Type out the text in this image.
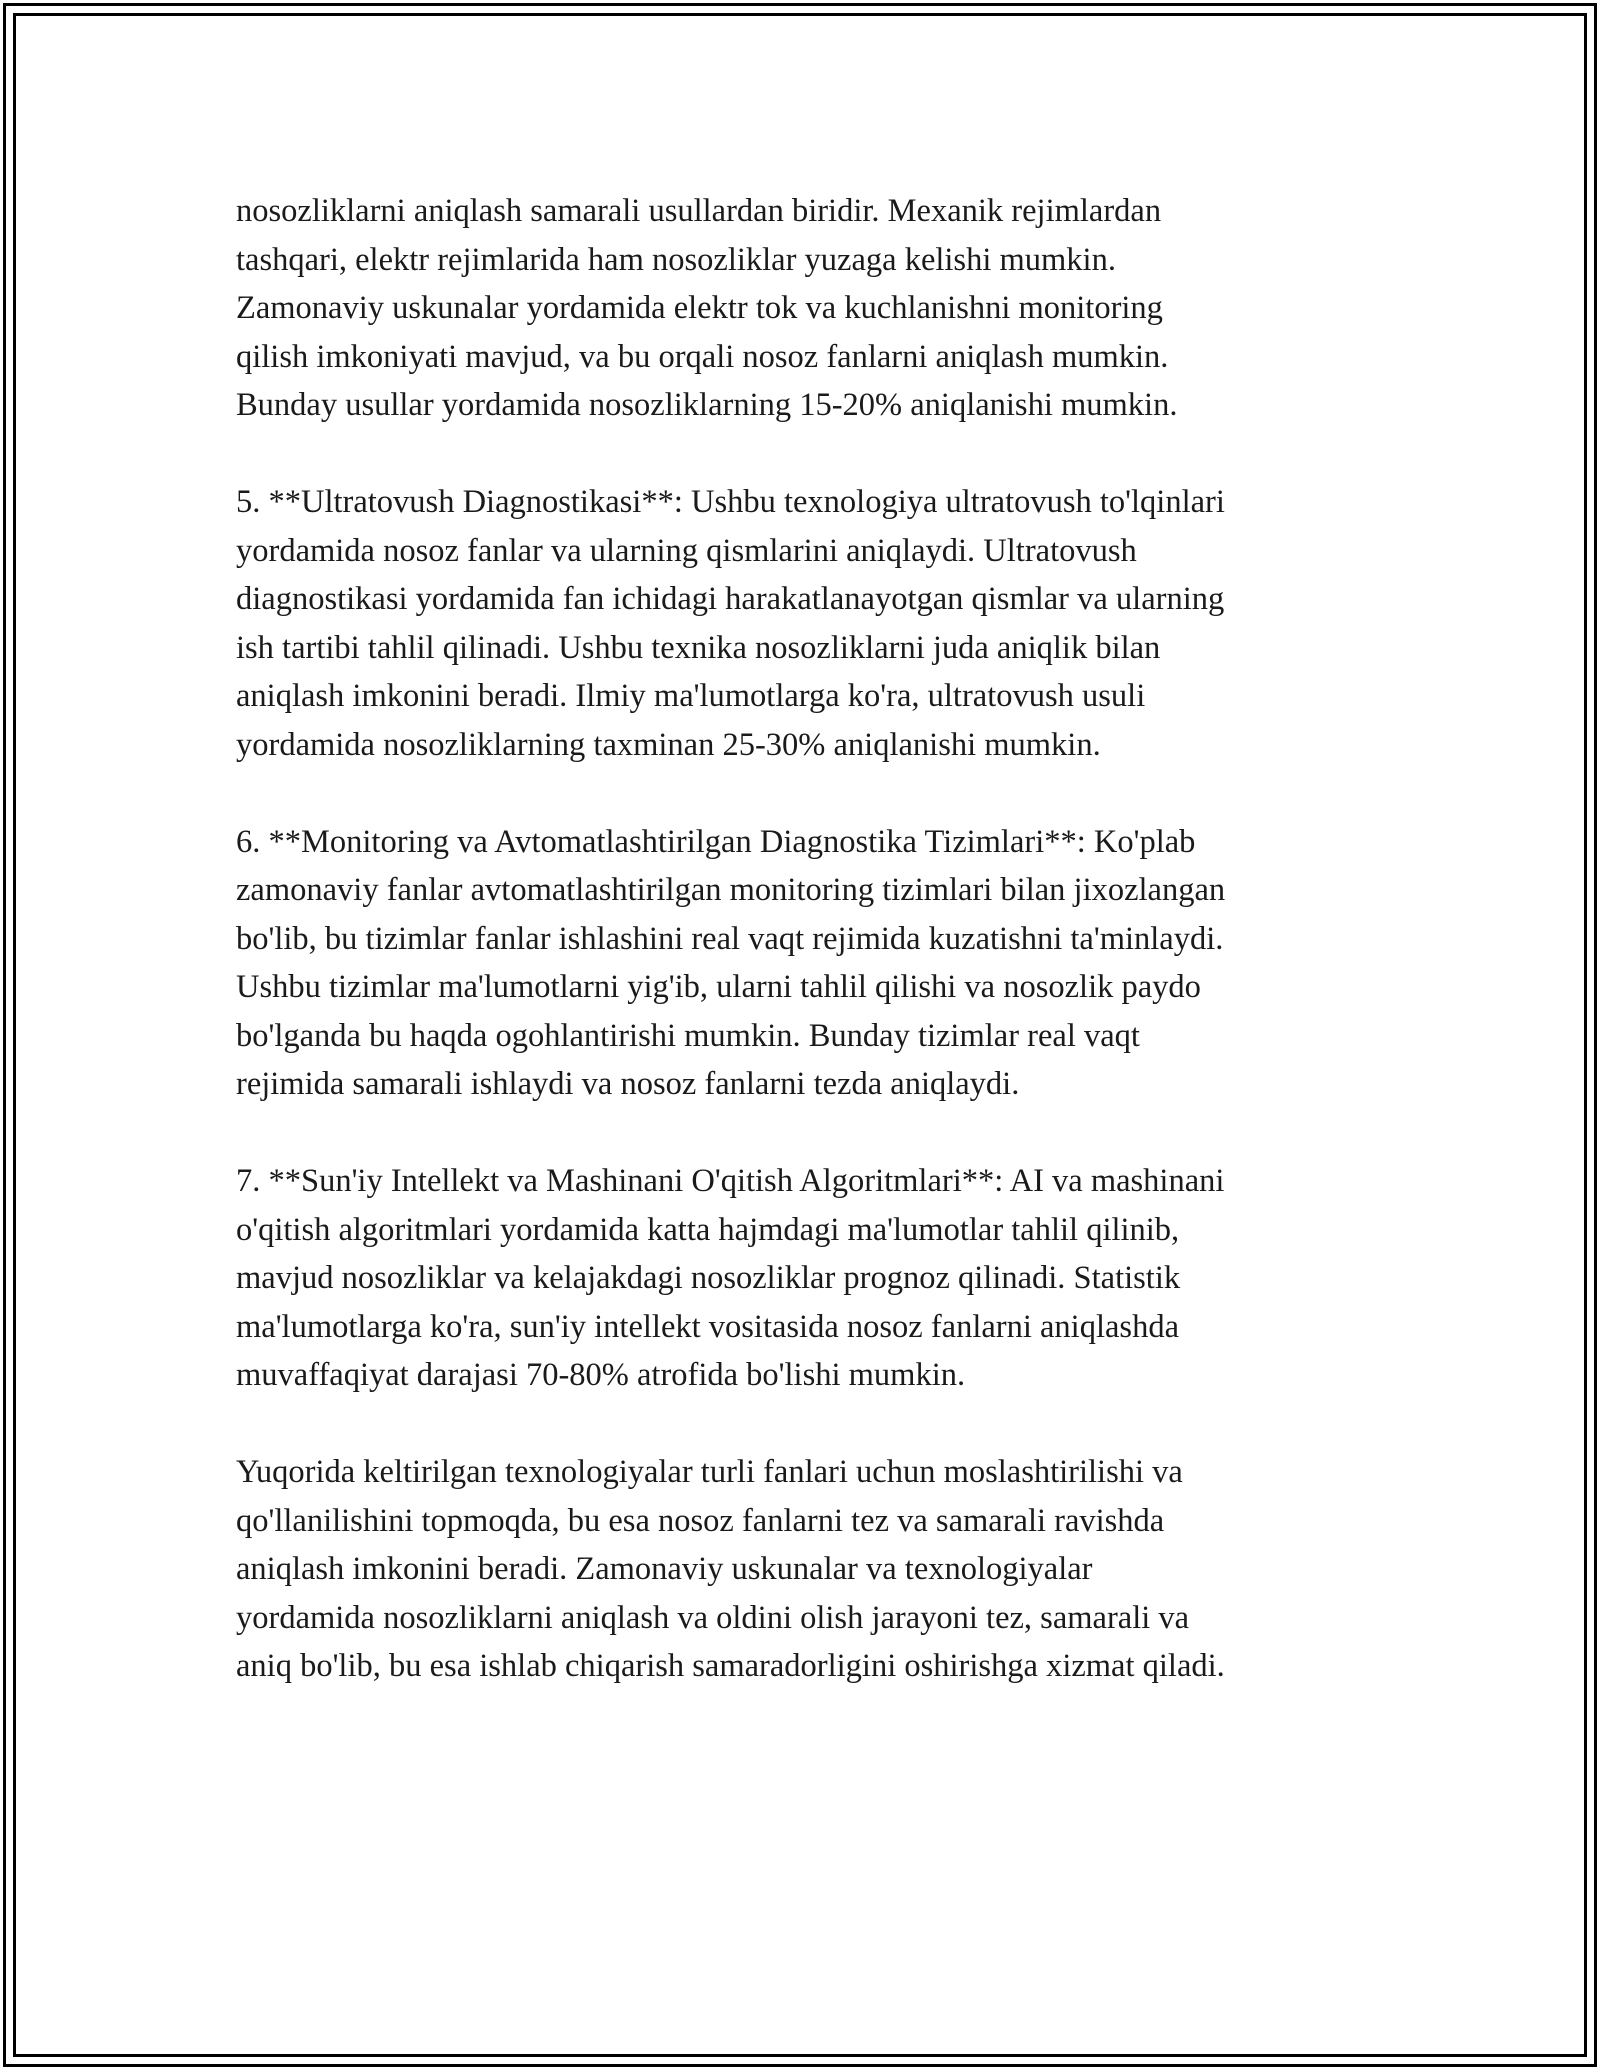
nosozliklarni aniqlash samarali usullardan biridir. Mexanik rejimlardan
tashqari, elektr rejimlarida ham nosozliklar yuzaga kelishi mumkin.
Zamonaviy uskunalar yordamida elektr tok va kuchlanishni monitoring
qilish imkoniyati mavjud, va bu orqali nosoz fanlarni aniqlash mumkin.
Bunday usullar yordamida nosozliklarning 15-20% aniqlanishi mumkin.

5. **Ultratovush Diagnostikasi**: Ushbu texnologiya ultratovush to'lqinlari
yordamida nosoz fanlar va ularning qismlarini aniqlaydi. Ultratovush
diagnostikasi yordamida fan ichidagi harakatlanayotgan qismlar va ularning
ish tartibi tahlil qilinadi. Ushbu texnika nosozliklarni juda aniqlik bilan
aniqlash imkonini beradi. Ilmiy ma'lumotlarga ko'ra, ultratovush usuli
yordamida nosozliklarning taxminan 25-30% aniqlanishi mumkin.

6. **Monitoring va Avtomatlashtirilgan Diagnostika Tizimlari**: Ko'plab
zamonaviy fanlar avtomatlashtirilgan monitoring tizimlari bilan jixozlangan
bo'lib, bu tizimlar fanlar ishlashini real vaqt rejimida kuzatishni ta'minlaydi.
Ushbu tizimlar ma'lumotlarni yig'ib, ularni tahlil qilishi va nosozlik paydo
bo'lganda bu haqda ogohlantirishi mumkin. Bunday tizimlar real vaqt
rejimida samarali ishlaydi va nosoz fanlarni tezda aniqlaydi.

7. **Sun'iy Intellekt va Mashinani O'qitish Algoritmlari**: AI va mashinani
o'qitish algoritmlari yordamida katta hajmdagi ma'lumotlar tahlil qilinib,
mavjud nosozliklar va kelajakdagi nosozliklar prognoz qilinadi. Statistik
ma'lumotlarga ko'ra, sun'iy intellekt vositasida nosoz fanlarni aniqlashda
muvaffaqiyat darajasi 70-80% atrofida bo'lishi mumkin.

Yuqorida keltirilgan texnologiyalar turli fanlari uchun moslashtirilishi va
qo'llanilishini topmoqda, bu esa nosoz fanlarni tez va samarali ravishda
aniqlash imkonini beradi. Zamonaviy uskunalar va texnologiyalar
yordamida nosozliklarni aniqlash va oldini olish jarayoni tez, samarali va
aniq bo'lib, bu esa ishlab chiqarish samaradorligini oshirishga xizmat qiladi.
